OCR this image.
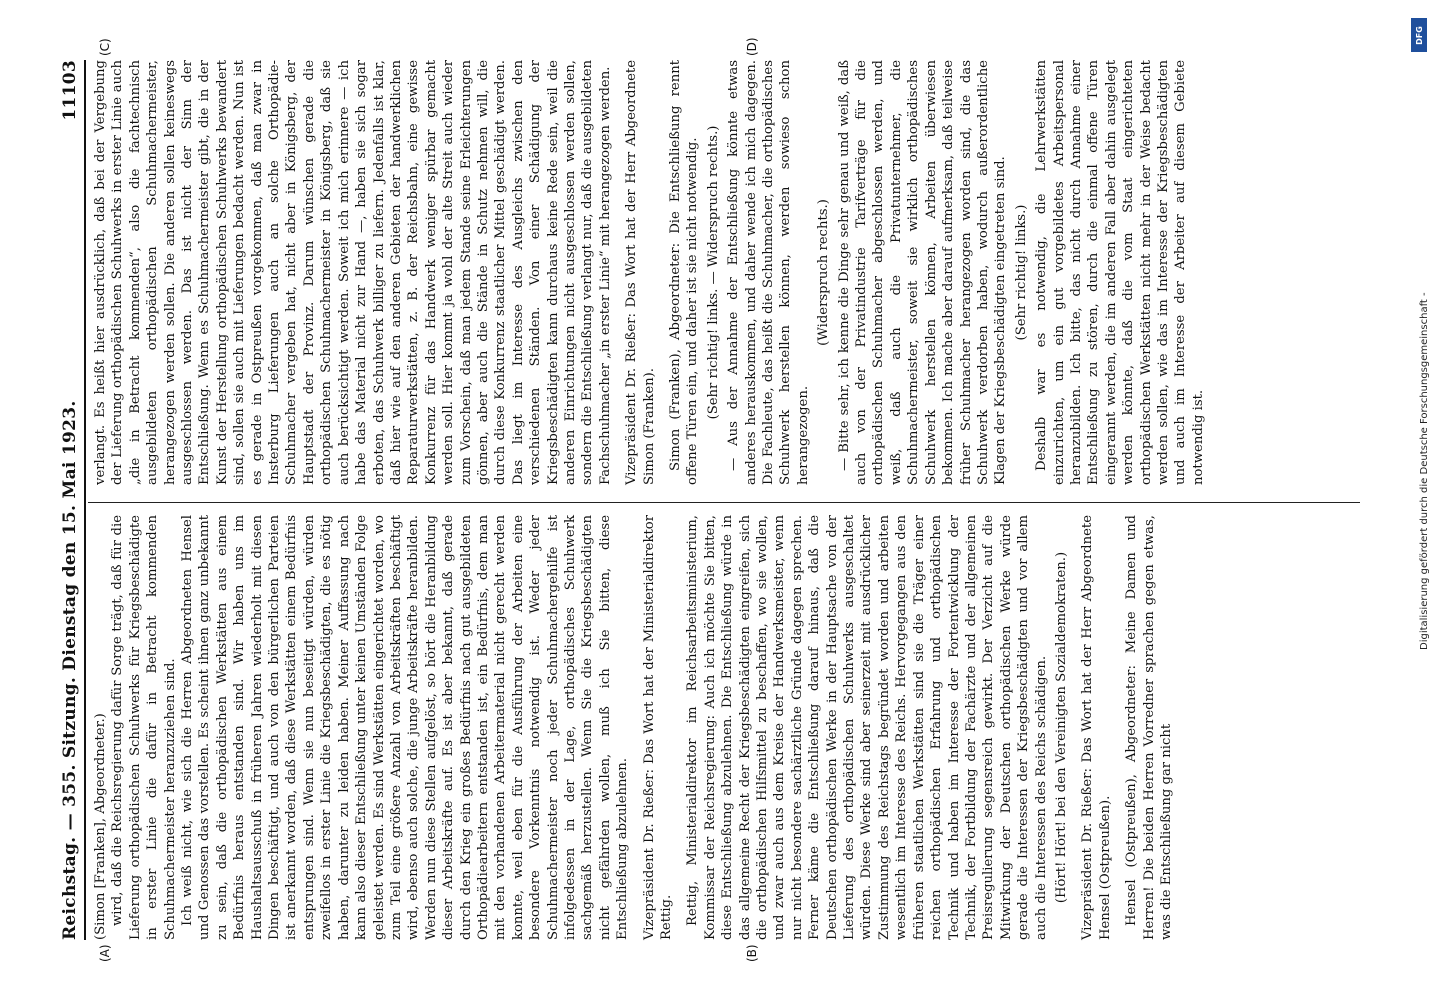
Reichstag. — 355. Sitzung. Dienstag den 15. Mai 1923.
11103
(A)	(B)
(C)	(D)

(Simon [Franken], Abgeordneter.) wird, daß die Reichsregierung dafür Sorge trägt, daß für die Lieferung orthopädischen Schuhwerks für Kriegsbeschädigte in erster Linie die dafür in Betracht kommenden Schuhmachermeister heranzuziehen sind. Ich weiß nicht, wie sich die Herren Abgeordneten Hensel und Genossen das vorstellen. Es scheint ihnen ganz unbekannt zu sein, daß die orthopädischen Werkstätten aus einem Bedürfnis heraus entstanden sind. Wir haben uns im Haushaltsausschuß in früheren Jahren wiederholt mit diesen Dingen beschäftigt, und auch von den bürgerlichen Parteien ist anerkannt worden, daß diese Werkstätten einem Bedürfnis entsprungen sind. Wenn sie nun beseitigt würden, würden zweifellos in erster Linie die Kriegsbeschädigten, die es nötig haben, darunter zu leiden haben. Meiner Auffassung nach kann also dieser Entschließung unter keinen Umständen Folge geleistet werden. Es sind Werkstätten eingerichtet worden, wo zum Teil eine größere Anzahl von Arbeitskräften beschäftigt wird, ebenso auch solche, die junge Arbeitskräfte heranbilden. Werden nun diese Stellen aufgelöst, so hört die Heranbildung dieser Arbeitskräfte auf. Es ist aber bekannt, daß gerade durch den Krieg ein großes Bedürfnis nach gut ausgebildeten Orthopädiearbeitern entstanden ist, ein Bedürfnis, dem man mit den vorhandenen Arbeitermaterial nicht gerecht werden konnte, weil eben für die Ausführung der Arbeiten eine besondere Vorkenntnis notwendig ist. Weder jeder Schuhmachermeister noch jeder Schuhmachergehilfe ist infolgedessen in der Lage, orthopädisches Schuhwerk sachgemäß herzustellen. Wenn Sie die Kriegsbeschädigten nicht gefährden wollen, muß ich Sie bitten, diese Entschließung abzulehnen. Vizepräsident Dr. Rießer: Das Wort hat der Ministerialdirektor Rettig. Rettig, Ministerialdirektor im Reichsarbeitsministerium, Kommissar der Reichsregierung: Auch ich möchte Sie bitten, diese Entschließung abzulehnen. Die Entschließung würde in das allgemeine Recht der Kriegsbeschädigten eingreifen, sich die orthopädischen Hilfsmittel zu beschaffen, wo sie wollen, und zwar auch aus dem Kreise der Handwerksmeister, wenn nur nicht besondere sachärztliche Gründe dagegen sprechen. Ferner käme die Entschließung darauf hinaus, daß die Deutschen orthopädischen Werke in der Hauptsache von der Lieferung des orthopädischen Schuhwerks ausgeschaltet würden. Diese Werke sind aber seinerzeit mit ausdrücklicher Zustimmung des Reichstags begründet worden und arbeiten wesentlich im Interesse des Reichs. Hervorgegangen aus den früheren staatlichen Werkstätten sind sie die Träger einer reichen orthopädischen Erfahrung und orthopädischen Technik und haben im Interesse der Fortentwicklung der Technik, der Fortbildung der Fachärzte und der allgemeinen Preisregulierung segensreich gewirkt. Der Verzicht auf die Mitwirkung der Deutschen orthopädischen Werke würde gerade die Interessen der Kriegsbeschädigten und vor allem auch die Interessen des Reichs schädigen. (Hört! Hört! bei den Vereinigten Sozialdemokraten.) Vizepräsident Dr. Rießer: Das Wort hat der Herr Abgeordnete Hensel (Ostpreußen). Hensel (Ostpreußen), Abgeordneter: Meine Damen und Herren! Die beiden Herren Vorredner sprachen gegen etwas, was die Entschließung gar nicht

verlangt. Es heißt hier ausdrücklich, daß bei der Vergebung der Lieferung orthopädischen Schuhwerks in erster Linie auch „die in Betracht kommenden“, also die fachtechnisch ausgebildeten orthopädischen Schuhmachermeister, herangezogen werden sollen. Die anderen sollen keineswegs ausgeschlossen werden. Das ist nicht der Sinn der Entschließung. Wenn es Schuhmachermeister gibt, die in der Kunst der Herstellung orthopädischen Schuhwerks bewandert sind, sollen sie auch mit Lieferungen bedacht werden. Nun ist es gerade in Ostpreußen vorgekommen, daß man zwar in Insterburg Lieferungen auch an solche Orthopädie-Schuhmacher vergeben hat, nicht aber in Königsberg, der Hauptstadt der Provinz. Darum wünschen gerade die orthopädischen Schuhmachermeister in Königsberg, daß sie auch berücksichtigt werden. Soweit ich mich erinnere — ich habe das Material nicht zur Hand —, haben sie sich sogar erboten, das Schuhwerk billiger zu liefern. Jedenfalls ist klar, daß hier wie auf den anderen Gebieten der handwerklichen Reparaturwerkstätten, z. B. der Reichsbahn, eine gewisse Konkurrenz für das Handwerk weniger spürbar gemacht werden soll. Hier kommt ja wohl der alte Streit auch wieder zum Vorschein, daß man jedem Stande seine Erleichterungen gönnen, aber auch die Stände in Schutz nehmen will, die durch diese Konkurrenz staatlicher Mittel geschädigt werden. Das liegt im Interesse des Ausgleichs zwischen den verschiedenen Ständen. Von einer Schädigung der Kriegsbeschädigten kann durchaus keine Rede sein, weil die anderen Einrichtungen nicht ausgeschlossen werden sollen, sondern die Entschließung verlangt nur, daß die ausgebildeten Fachschuhmacher „in erster Linie“ mit herangezogen werden. Vizepräsident Dr. Rießer: Das Wort hat der Herr Abgeordnete Simon (Franken). Simon (Franken), Abgeordneter: Die Entschließung rennt offene Türen ein, und daher ist sie nicht notwendig. (Sehr richtig! links. — Widerspruch rechts.) — Aus der Annahme der Entschließung könnte etwas anderes herauskommen, und daher wende ich mich dagegen. Die Fachleute, das heißt die Schuhmacher, die orthopädisches Schuhwerk herstellen können, werden sowieso schon herangezogen.

(Widerspruch rechts.) — Bitte sehr, ich kenne die Dinge sehr genau und weiß, daß auch von der Privatindustrie Tarifverträge für die orthopädischen Schuhmacher abgeschlossen werden, und weiß, daß auch die Privatunternehmer, die Schuhmachermeister, soweit sie wirklich orthopädisches Schuhwerk herstellen können, Arbeiten überwiesen bekommen. Ich mache aber darauf aufmerksam, daß teilweise früher Schuhmacher herangezogen worden sind, die das Schuhwerk verdorben haben, wodurch außerordentliche Klagen der Kriegsbeschädigten eingetreten sind. (Sehr richtig! links.) Deshalb war es notwendig, die Lehrwerkstätten einzurichten, um ein gut vorgebildetes Arbeitspersonal heranzubilden. Ich bitte, das nicht durch Annahme einer Entschließung zu stören, durch die einmal offene Türen eingerannt werden, die im anderen Fall aber dahin ausgelegt werden könnte, daß die vom Staat eingerichteten orthopädischen Werkstätten nicht mehr in der Weise bedacht werden sollen, wie das im Interesse der Kriegsbeschädigten und auch im Interesse der Arbeiter auf diesem Gebiete notwendig ist.

DFG
Digitalisierung gefördert durch die Deutsche Forschungsgemeinschaft -
